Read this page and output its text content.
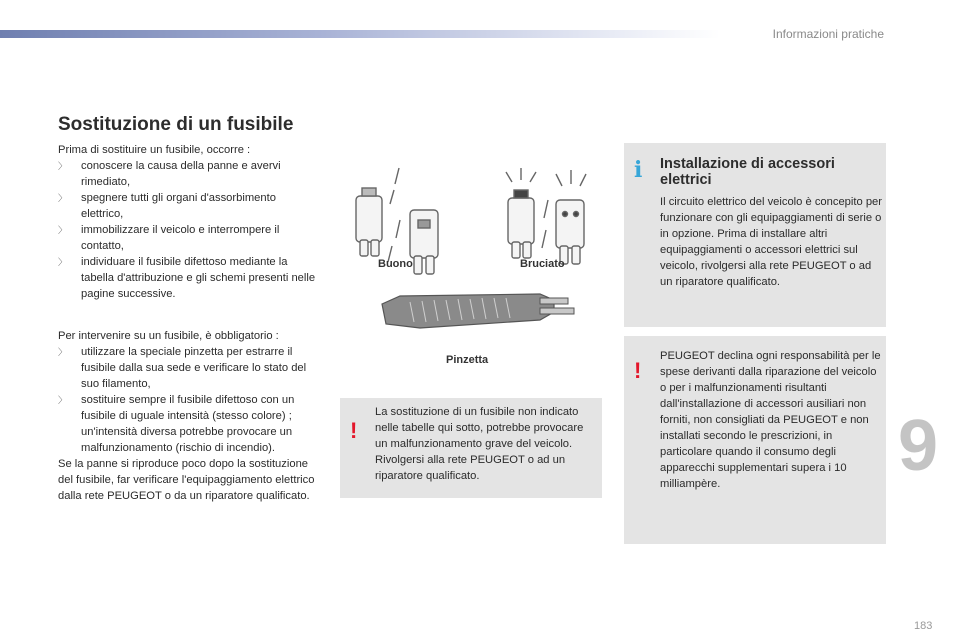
Informazioni pratiche
Sostituzione di un fusibile

Prima di sostituire un fusibile, occorre :

〉 conoscere la causa della panne e avervi rimediato,
〉 spegnere tutti gli organi d'assorbimento elettrico,
〉 immobilizzare il veicolo e interrompere il contatto,
〉 individuare il fusibile difettoso mediante la tabella d'attribuzione e gli schemi presenti nelle pagine successive.

Per intervenire su un fusibile, è obbligatorio :

〉 utilizzare la speciale pinzetta per estrarre il fusibile dalla sua sede e verificare lo stato del suo filamento,
〉 sostituire sempre il fusibile difettoso con un fusibile di uguale intensità (stesso colore) ; un'intensità diversa potrebbe provocare un malfunzionamento (rischio di incendio).

Se la panne si riproduce poco dopo la sostituzione del fusibile, far verificare l'equipaggiamento elettrico dalla rete PEUGEOT o da un riparatore qualificato.

Buono	Bruciato
Pinzetta
!
La sostituzione di un fusibile non indicato nelle tabelle qui sotto, potrebbe provocare un malfunzionamento grave del veicolo. Rivolgersi alla rete PEUGEOT o ad un riparatore qualificato.
i Installazione di accessori elettrici
Il circuito elettrico del veicolo è concepito per funzionare con gli equipaggiamenti di serie o in opzione. Prima di installare altri equipaggiamenti o accessori elettrici sul veicolo, rivolgersi alla rete PEUGEOT o ad un riparatore qualificato.
!
PEUGEOT declina ogni responsabilità per le spese derivanti dalla riparazione del veicolo o per i malfunzionamenti risultanti dall'installazione di accessori ausiliari non forniti, non consigliati da PEUGEOT e non installati secondo le prescrizioni, in particolare quando il consumo degli apparecchi supplementari supera i 10 milliampère.	9
183
